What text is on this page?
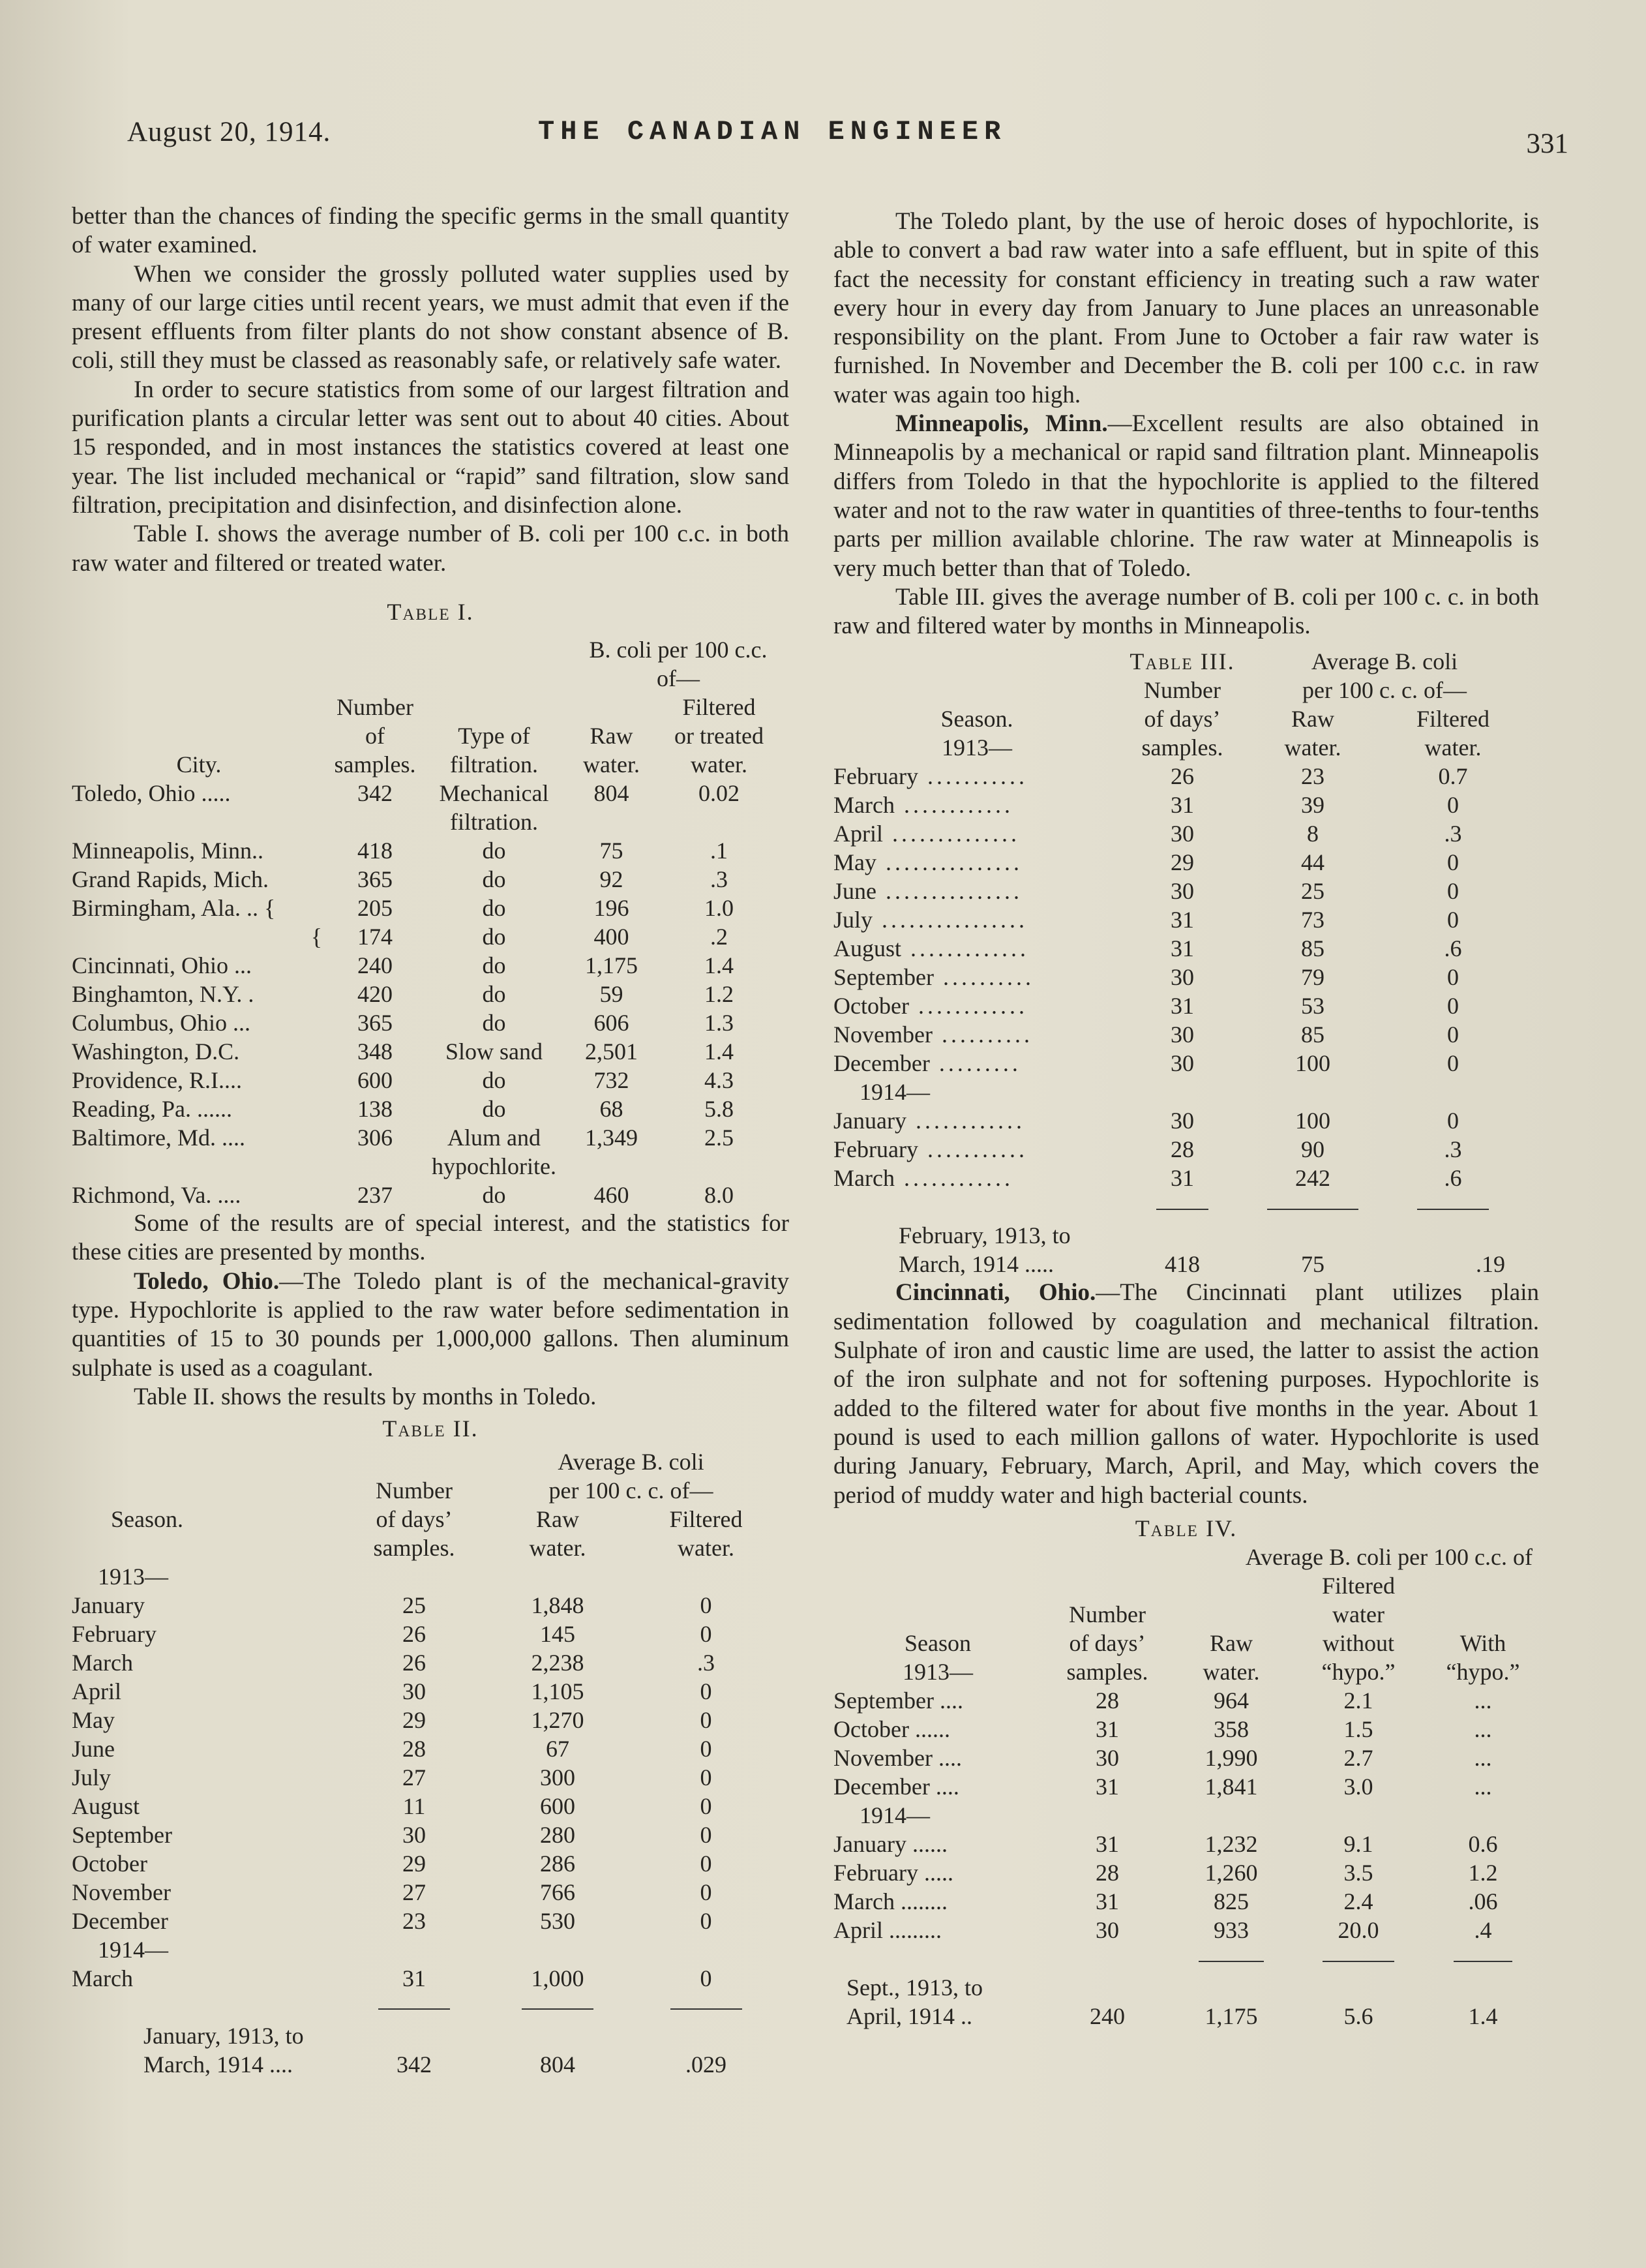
August 20, 1914.	THE CANADIAN ENGINEER	331

better than the chances of finding the specific germs in the small quantity of water examined.

When we consider the grossly polluted water supplies used by many of our large cities until recent years, we must admit that even if the present effluents from filter plants do not show constant absence of B. coli, still they must be classed as reasonably safe, or relatively safe water.

In order to secure statistics from some of our largest filtration and purification plants a circular letter was sent out to about 40 cities. About 15 responded, and in most instances the statistics covered at least one year. The list included mechanical or “rapid” sand filtration, slow sand filtration, precipitation and disinfection, and disinfection alone.

Table I. shows the average number of B. coli per 100 c.c. in both raw water and filtered or treated water.

Table I.

			B. coli per 100 c.c. of—	

	Number			Filtered
	of	Type of	Raw	or treated
City.	samples.	filtration.	water.	water.
Toledo, Ohio .....	342	Mechanical	804	0.02
		filtration.		
Minneapolis, Minn..	418	do	75	.1
Grand Rapids, Mich.	365	do	92	.3
Birmingham, Ala. .. {	205	do	196	1.0
{	174	do	400	.2
Cincinnati, Ohio ...	240	do	1,175	1.4
Binghamton, N.Y. .	420	do	59	1.2
Columbus, Ohio ...	365	do	606	1.3
Washington, D.C.	348	Slow sand	2,501	1.4
Providence, R.I....	600	do	732	4.3
Reading, Pa. ......	138	do	68	5.8
Baltimore, Md. ....	306	Alum and	1,349	2.5
		hypochlorite.		
Richmond, Va. ....	237	do	460	8.0

Some of the results are of special interest, and the statistics for these cities are presented by months.

Toledo, Ohio.—The Toledo plant is of the mechanical-gravity type. Hypochlorite is applied to the raw water before sedimentation in quantities of 15 to 30 pounds per 1,000,000 gallons. Then aluminum sulphate is used as a coagulant.

Table II. shows the results by months in Toledo.

Table II.
		Average B. coli	
	Number	per 100 c. c. of—	
Season.	of days’	Raw	Filtered
	samples.	water.	water.
1913—			
January	25	1,848	0
February	26	145	0
March	26	2,238	.3
April	30	1,105	0
May	29	1,270	0
June	28	67	0
July	27	300	0
August	11	600	0
September	30	280	0
October	29	286	0
November	27	766	0
December	23	530	0
1914—			
March	31	1,000	0

January, 1913, to			
March, 1914 ....	342	804	.029

The Toledo plant, by the use of heroic doses of hypochlorite, is able to convert a bad raw water into a safe effluent, but in spite of this fact the necessity for constant efficiency in treating such a raw water every hour in every day from January to June places an unreasonable responsibility on the plant. From June to October a fair raw water is furnished. In November and December the B. coli per 100 c.c. in raw water was again too high.

Minneapolis, Minn.—Excellent results are also obtained in Minneapolis by a mechanical or rapid sand filtration plant. Minneapolis differs from Toledo in that the hypochlorite is applied to the filtered water and not to the raw water in quantities of three-tenths to four-tenths parts per million available chlorine. The raw water at Minneapolis is very much better than that of Toledo.

Table III. gives the average number of B. coli per 100 c. c. in both raw and filtered water by months in Minneapolis.

	Table III.	Average B. coli	
	Number	per 100 c. c. of—	
Season.	of days’	Raw	Filtered
1913—	samples.	water.	water.
February ...........	26	23	0.7
March ............	31	39	0
April ..............	30	8	.3
May ...............	29	44	0
June ...............	30	25	0
July ................	31	73	0
August .............	31	85	.6
September ..........	30	79	0
October ............	31	53	0
November ..........	30	85	0
December .........	30	100	0
1914—			
January ............	30	100	0
February ...........	28	90	.3
March ............	31	242	.6

February, 1913, to			
March, 1914 .....	418	75	.19

Cincinnati, Ohio.—The Cincinnati plant utilizes plain sedimentation followed by coagulation and mechanical filtration. Sulphate of iron and caustic lime are used, the latter to assist the action of the iron sulphate and not for softening purposes. Hypochlorite is added to the filtered water for about five months in the year. About 1 pound is used to each million gallons of water. Hypochlorite is used during January, February, March, April, and May, which covers the period of muddy water and high bacterial counts.

Table IV.
	Average B. coli per 100 c.c. of			
			Filtered	
	Number		water	
Season	of days’	Raw	without	With
1913—	samples.	water.	“hypo.”	“hypo.”
September ....	28	964	2.1	...
October ......	31	358	1.5	...
November ....	30	1,990	2.7	...
December ....	31	1,841	3.0	...
1914—				
January ......	31	1,232	9.1	0.6
February .....	28	1,260	3.5	1.2
March ........	31	825	2.4	.06
April .........	30	933	20.0	.4

Sept., 1913, to				
April, 1914 ..	240	1,175	5.6	1.4
